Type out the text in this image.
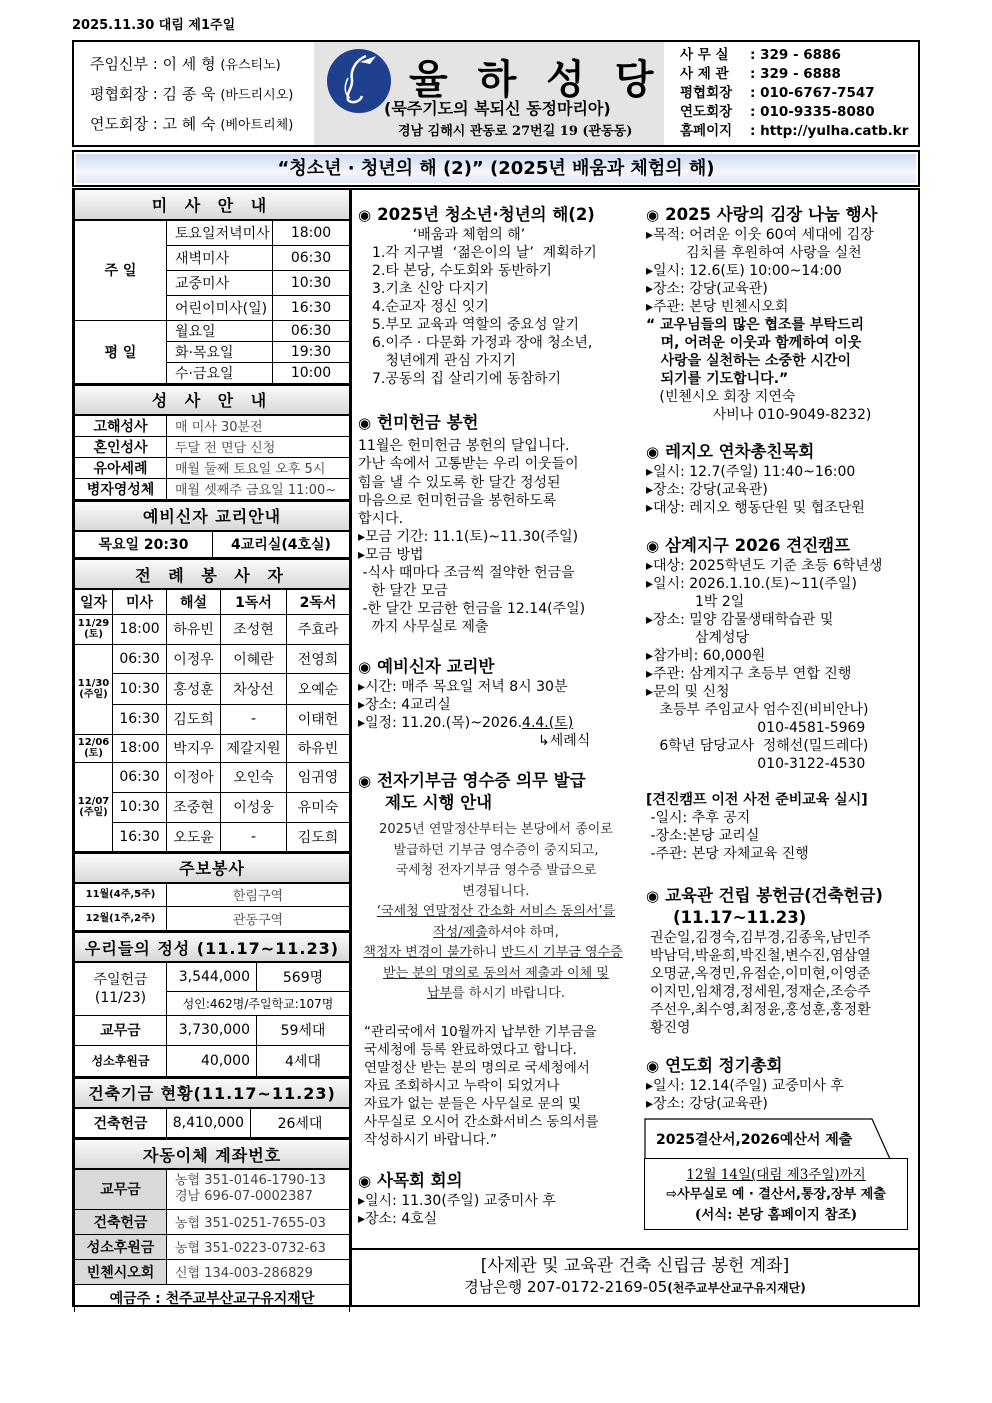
2025.11.30 대림 제1주일
주임신부 : 이 세 형 (유스티노)
평협회장 : 김 종 욱 (바드리시오)
연도회장 : 고 혜 숙 (베아트리체)
율 하 성 당
(묵주기도의 복되신 동정마리아)
경남 김해시 관동로 27번길 19 (관동동)
사 무 실 : 329 - 6886
사 제 관 : 329 - 6888
평협회장 : 010-6767-7547
연도회장 : 010-9335-8080
홈페이지 : http://yulha.catb.kr
“청소년 · 청년의 해 (2)” (2025년 배움과 체험의 해)
미 사 안 내		
주 일	토요일저녁미사	18:00
	새벽미사	06:30
	교중미사	10:30
	어린이미사(일)	16:30
평 일	월요일	06:30
	화·목요일	19:30
	수·금요일	10:00
성 사 안 내	
고해성사	매 미사 30분전
혼인성사	두달 전 면담 신청
유아세례	매월 둘째 토요일 오후 5시
병자영성체	매월 셋째주 금요일 11:00~
예비신자 교리안내
목요일 20:30	4교리실(4호실)
전 례 봉 사 자				
일자	미사	해설	1독서	2독서

11/29
(토)	18:00	하유빈	조성현	주효라

11/30
(주일)	06:30	이정우	이혜란	전영희
	10:30	홍성훈	차상선	오예순
	16:30	김도희	-	이태헌

12/06
(토)	18:00	박지우	제갈지원	하유빈

12/07
(주일)	06:30	이정아	오인숙	임귀영
	10:30	조중현	이성웅	유미숙
	16:30	오도윤	-	김도희
주보봉사	
11월(4주,5주)	한림구역
12월(1주,2주)	관동구역
우리들의 정성 (11.17~11.23)		

주일헌금
(11/23)	3,544,000	569명
	성인:462명/주일학교:107명	
교무금	3,730,000	59세대
성소후원금	40,000	4세대
건축기금 현황(11.17~11.23)
건축헌금	8,410,000	26세대
자동이체 계좌번호	
교무금	농협 351-0146-1790-13
경남 696-07-0002387

건축헌금	농협 351-0251-7655-03
성소후원금	농협 351-0223-0732-63
빈첸시오회	신협 134-003-286829
예금주 : 천주교부산교구유지재단	
◉ 2025년 청소년·청년의 해(2)
‘배움과 체험의 해’
1.각 지구별  ‘젊은이의 날’  계획하기
2.타 본당, 수도회와 동반하기
3.기초 신앙 다지기
4.순교자 정신 잇기
5.부모 교육과 역할의 중요성 알기
6.이주 · 다문화 가정과 장애 청소년,
청년에게 관심 가지기
7.공동의 집 살리기에 동참하기
◉ 헌미헌금 봉헌
11월은 헌미헌금 봉헌의 달입니다.
가난 속에서 고통받는 우리 이웃들이
힘을 낼 수 있도록 한 달간 정성된
마음으로 헌미헌금을 봉헌하도록
합시다.
▸모금 기간: 11.1(토)~11.30(주일)
▸모금 방법
-식사 때마다 조금씩 절약한 헌금을
한 달간 모금
-한 달간 모금한 헌금을 12.14(주일)
까지 사무실로 제출
◉ 예비신자 교리반
▸시간: 매주 목요일 저녁 8시 30분
▸장소: 4교리실
▸일정: 11.20.(목)~2026.4.4.(토)
↳세례식
◉ 전자기부금 영수증 의무 발급
제도 시행 안내
2025년 연말정산부터는 본당에서 종이로
발급하던 기부금 영수증이 중지되고,
국세청 전자기부금 영수증 발급으로
변경됩니다.
‘국세청 연말정산 간소화 서비스 동의서’를
작성/제출하셔야 하며,
책정자 변경이 불가하니 반드시 기부금 영수증
받는 분의 명의로 동의서 제출과 이체 및
납부를 하시기 바랍니다.
“관리국에서 10월까지 납부한 기부금을
국세청에 등록 완료하였다고 합니다.
연말정산 받는 분의 명의로 국세청에서
자료 조회하시고 누락이 되었거나
자료가 없는 분들은 사무실로 문의 및
사무실로 오시어 간소화서비스 동의서를
작성하시기 바랍니다.”
◉ 사목회 회의
▸일시: 11.30(주일) 교중미사 후
▸장소: 4호실
◉ 2025 사랑의 김장 나눔 행사
▸목적: 어려운 이웃 60여 세대에 김장
김치를 후원하여 사랑을 실천
▸일시: 12.6(토) 10:00~14:00
▸장소: 강당(교육관)
▸주관: 본당 빈첸시오회
“ 교우님들의 많은 협조를 부탁드리
며, 어려운 이웃과 함께하여 이웃
사랑을 실천하는 소중한 시간이
되기를 기도합니다.”
(빈첸시오 회장 지연숙
사비나 010-9049-8232)
◉ 레지오 연차총친목회
▸일시: 12.7(주일) 11:40~16:00
▸장소: 강당(교육관)
▸대상: 레지오 행동단원 및 협조단원
◉ 삼계지구 2026 견진캠프
▸대상: 2025학년도 기준 초등 6학년생
▸일시: 2026.1.10.(토)~11(주일)
1박 2일
▸장소: 밀양 감물생태학습관 및
삼계성당
▸참가비: 60,000원
▸주관: 삼계지구 초등부 연합 진행
▸문의 및 신청
초등부 주임교사 엄수진(비비안나)
010-4581-5969
6학년 담당교사  정해선(밀드레다)
010-3122-4530
[견진캠프 이전 사전 준비교육 실시]
-일시: 추후 공지
-장소:본당 교리실
-주관: 본당 자체교육 진행
◉ 교육관 건립 봉헌금(건축헌금)
(11.17~11.23)
권순일,김경숙,김부경,김종욱,남민주
박남덕,박윤희,박진철,변수진,염삼열
오명균,옥경민,유점순,이미현,이영준
이지민,임채경,정세원,정재순,조승주
주선우,최수영,최정윤,홍성훈,홍정환
황진영
◉ 연도회 정기총회
▸일시: 12.14(주일) 교중미사 후
▸장소: 강당(교육관)
2025결산서,2026예산서 제출
12월 14일(대림 제3주일)까지
⇨사무실로 예 · 결산서,통장,장부 제출
(서식: 본당 홈페이지 참조)
[사제관 및 교육관 건축 신립금 봉헌 계좌]
경남은행 207-0172-2169-05(천주교부산교구유지재단)
